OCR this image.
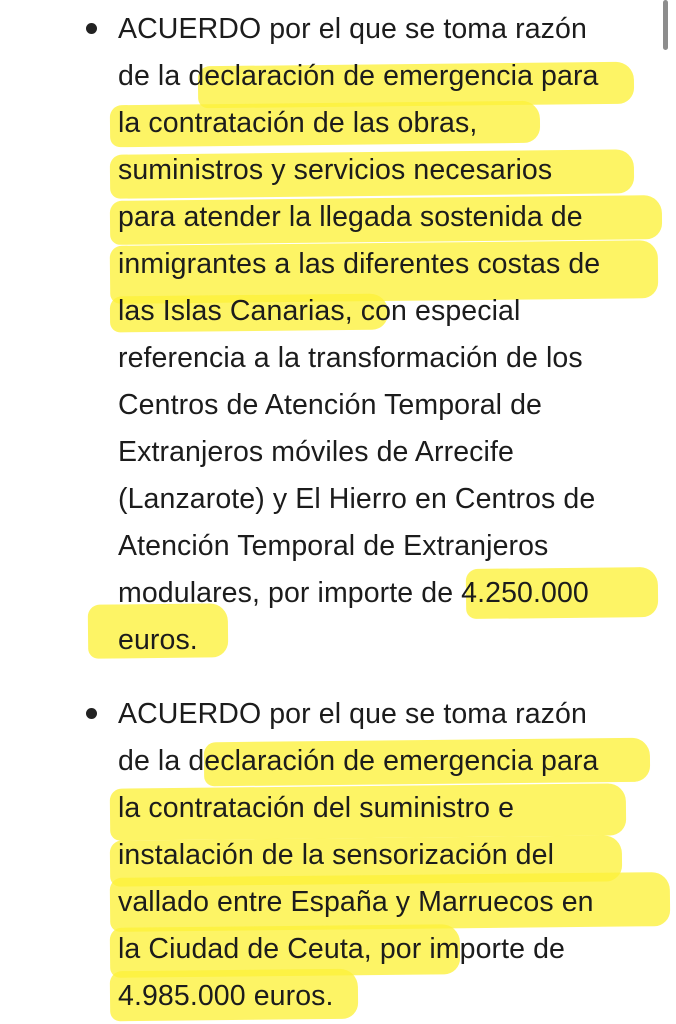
ACUERDO por el que se toma razón
de la declaración de emergencia para
la contratación de las obras,
suministros y servicios necesarios
para atender la llegada sostenida de
inmigrantes a las diferentes costas de
las Islas Canarias, con especial
referencia a la transformación de los
Centros de Atención Temporal de
Extranjeros móviles de Arrecife
(Lanzarote) y El Hierro en Centros de
Atención Temporal de Extranjeros
modulares, por importe de 4.250.000
euros.
ACUERDO por el que se toma razón
de la declaración de emergencia para
la contratación del suministro e
instalación de la sensorización del
vallado entre España y Marruecos en
la Ciudad de Ceuta, por importe de
4.985.000 euros.
